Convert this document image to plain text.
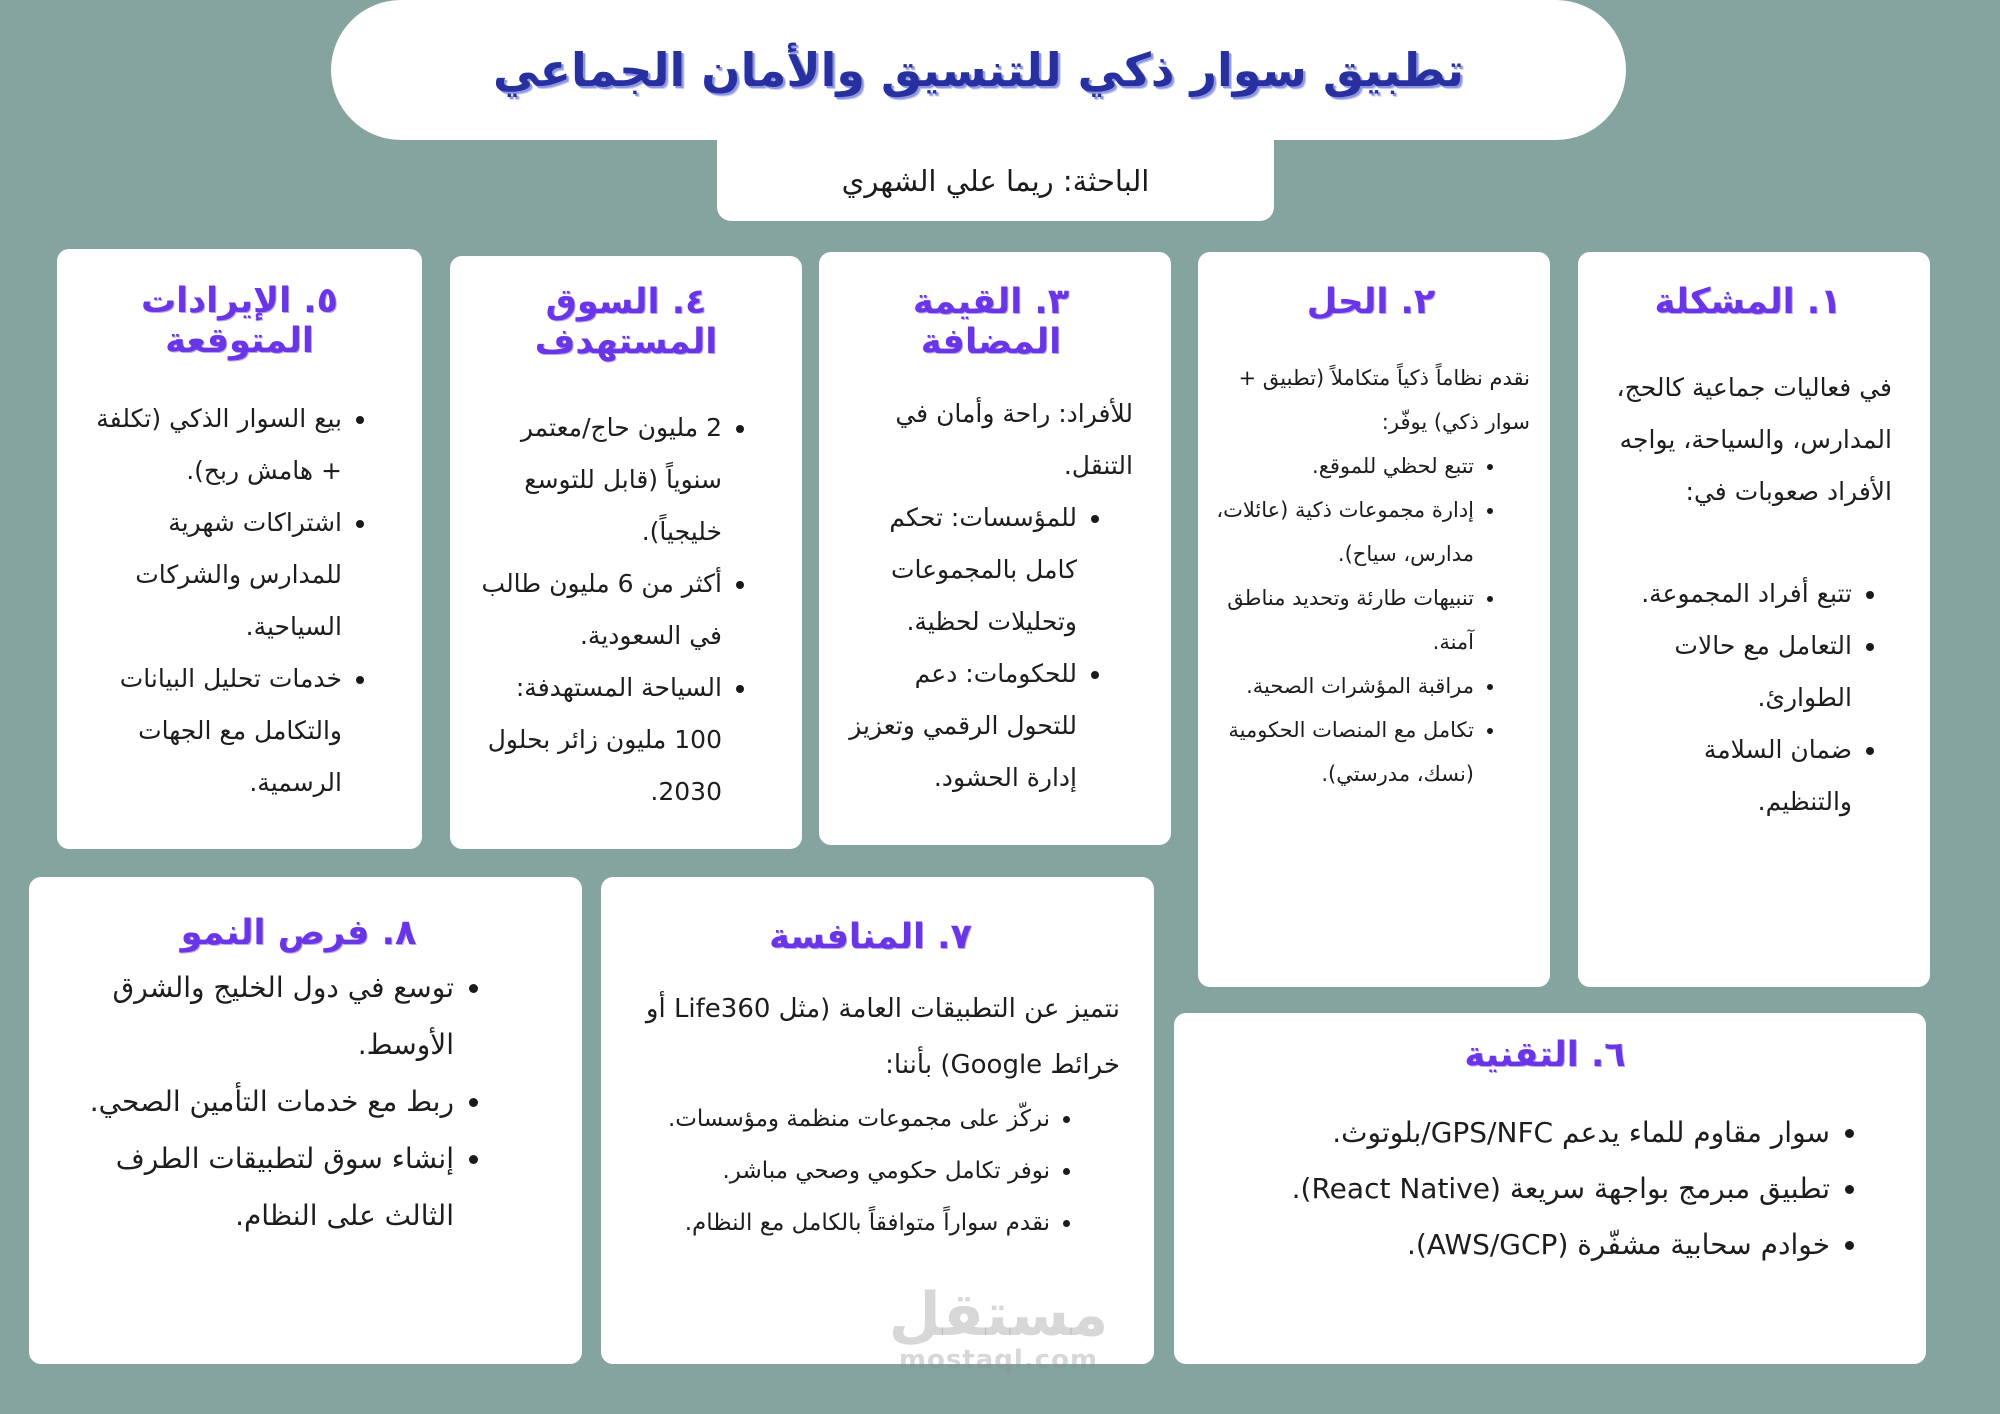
تطبيق سوار ذكي للتنسيق والأمان الجماعي
الباحثة: ريما علي الشهري
١. المشكلة

في فعاليات جماعية كالحج، المدارس، والسياحة، يواجه الأفراد صعوبات في:

• تتبع أفراد المجموعة.
• التعامل مع حالات الطوارئ.
• ضمان السلامة والتنظيم.
٢. الحل

نقدم نظاماً ذكياً متكاملاً (تطبيق + سوار ذكي) يوفّر:

• تتبع لحظي للموقع.
• إدارة مجموعات ذكية (عائلات، مدارس، سياح).
• تنبيهات طارئة وتحديد مناطق آمنة.
• مراقبة المؤشرات الصحية.
• تكامل مع المنصات الحكومية (نسك، مدرستي).
٣. القيمة المضافة

للأفراد: راحة وأمان في التنقل.

• للمؤسسات: تحكم كامل بالمجموعات وتحليلات لحظية.
• للحكومات: دعم للتحول الرقمي وتعزيز إدارة الحشود.
٤. السوق المستهدف
• 2 مليون حاج/معتمر سنوياً (قابل للتوسع خليجياً).
• أكثر من 6 مليون طالب في السعودية.
• السياحة المستهدفة: 100 مليون زائر بحلول 2030.
٥. الإيرادات المتوقعة
• بيع السوار الذكي (تكلفة + هامش ربح).
• اشتراكات شهرية للمدارس والشركات السياحية.
• خدمات تحليل البيانات والتكامل مع الجهات الرسمية.
٦. التقنية
• سوار مقاوم للماء يدعم GPS/NFC/بلوتوث.
• تطبيق مبرمج بواجهة سريعة (React Native).
• خوادم سحابية مشفّرة (AWS/GCP).
٧. المنافسة

نتميز عن التطبيقات العامة (مثل Life360 أو خرائط Google) بأننا:

• نركّز على مجموعات منظمة ومؤسسات.
• نوفر تكامل حكومي وصحي مباشر.
• نقدم سواراً متوافقاً بالكامل مع النظام.
٨. فرص النمو
• توسع في دول الخليج والشرق الأوسط.
• ربط مع خدمات التأمين الصحي.
• إنشاء سوق لتطبيقات الطرف الثالث على النظام.
مستقل
mostaql.com
